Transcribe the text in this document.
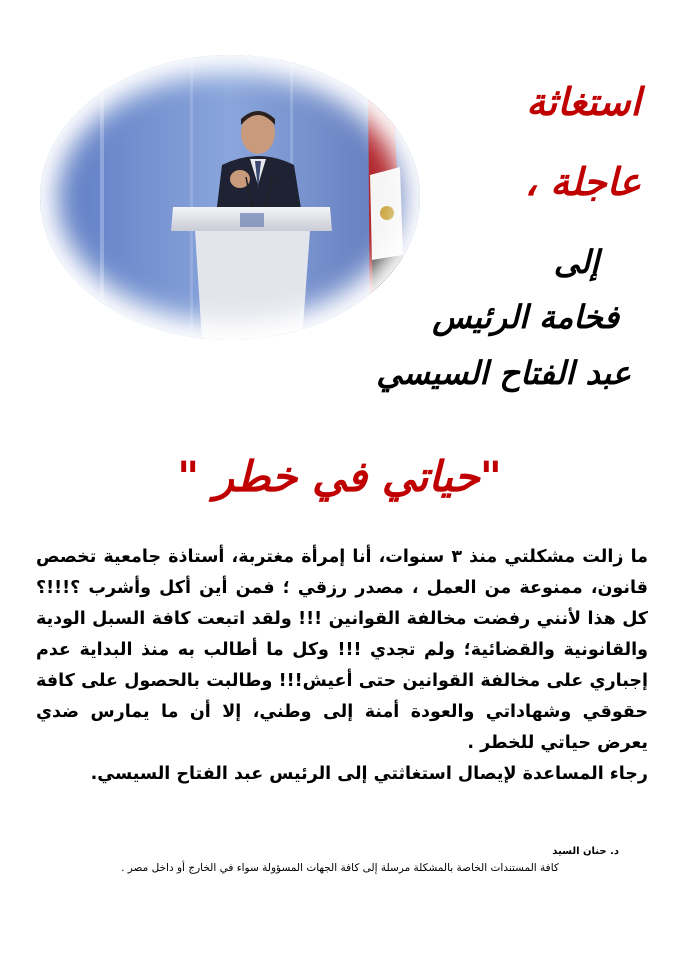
استغاثة
عاجلة ،
إلى
فخامة الرئيس
عبد الفتاح السيسي
"حياتي في خطر "

ما زالت مشكلتي منذ ٣ سنوات، أنا إمرأة مغتربة، أستاذة جامعية تخصص قانون، ممنوعة من العمل ، مصدر رزقي ؛ فمن أين أكل وأشرب ؟!!!؟ كل هذا لأنني رفضت مخالفة القوانين !!! ولقد اتبعت كافة السبل الودية والقانونية والقضائية؛ ولم تجدي !!! وكل ما أطالب به منذ البداية عدم إجباري على مخالفة القوانين حتى أعيش!!! وطالبت بالحصول على كافة حقوقي وشهاداتي والعودة أمنة إلى وطني، إلا أن ما يمارس ضدي يعرض حياتي للخطر .

رجاء المساعدة لإيصال استغاثتي إلى الرئيس عبد الفتاح السيسي.

د. حنان السيد
كافة المستندات الخاصة بالمشكلة مرسلة إلى كافة الجهات المسؤولة سواء في الخارج أو داخل مصر .
